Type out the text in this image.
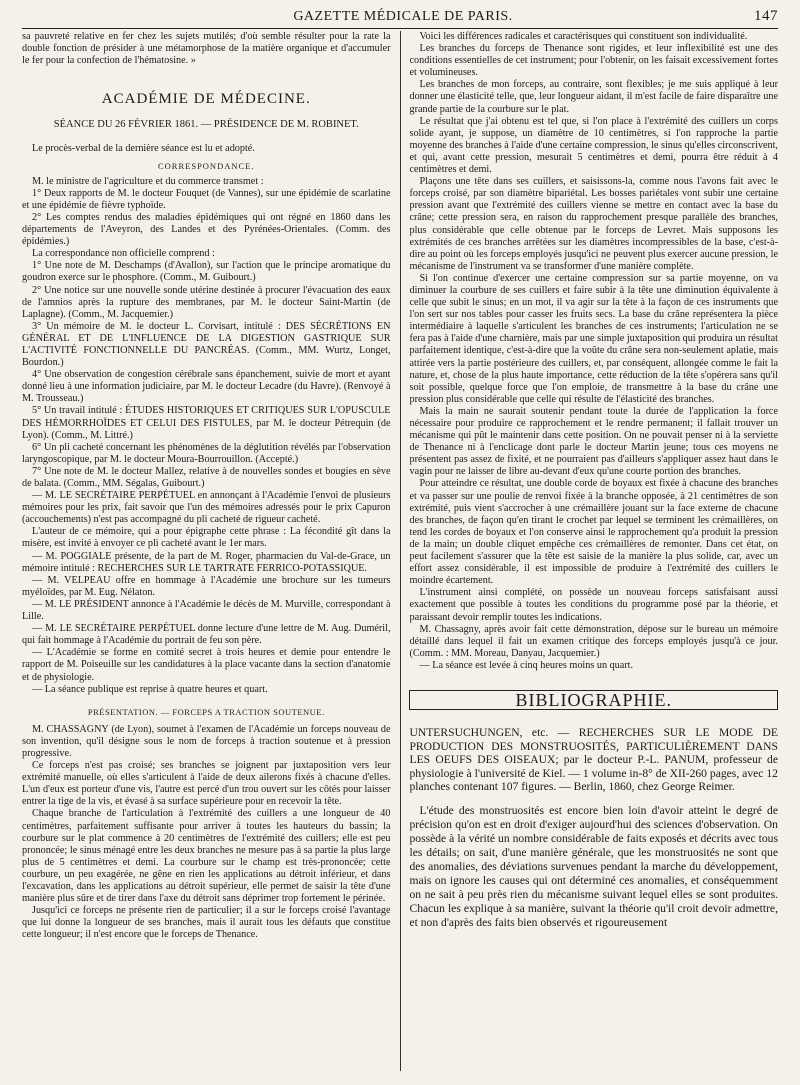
GAZETTE MÉDICALE DE PARIS.	147

sa pauvreté relative en fer chez les sujets mutilés; d'où semble résulter pour la rate la double fonction de présider à une métamorphose de la matière organique et d'accumuler le fer pour la confection de l'hématosine. »

ACADÉMIE DE MÉDECINE.
SÉANCE DU 26 FÉVRIER 1861. — PRÉSIDENCE DE M. ROBINET.

Le procès-verbal de la dernière séance est lu et adopté.

CORRESPONDANCE.

M. le ministre de l'agriculture et du commerce transmet :

1° Deux rapports de M. le docteur Fouquet (de Vannes), sur une épidémie de scarlatine et une épidémie de fièvre typhoïde.

2° Les comptes rendus des maladies épidémiques qui ont régné en 1860 dans les départements de l'Aveyron, des Landes et des Pyrénées-Orientales. (Comm. des épidémies.)

La correspondance non officielle comprend :

1° Une note de M. Deschamps (d'Avallon), sur l'action que le principe aromatique du goudron exerce sur le phosphore. (Comm., M. Guibourt.)

2° Une notice sur une nouvelle sonde utérine destinée à procurer l'évacuation des eaux de l'amnios après la rupture des membranes, par M. le docteur Saint-Martin (de Laplagne). (Comm., M. Jacquemier.)

3° Un mémoire de M. le docteur L. Corvisart, intitulé : DES SÉCRÉTIONS EN GÉNÉRAL ET DE L'INFLUENCE DE LA DIGESTION GASTRIQUE SUR L'ACTIVITÉ FONCTIONNELLE DU PANCRÉAS. (Comm., MM. Wurtz, Longet, Bourdon.)

4° Une observation de congestion cérébrale sans épanchement, suivie de mort et ayant donné lieu à une information judiciaire, par M. le docteur Lecadre (du Havre). (Renvoyé à M. Trousseau.)

5° Un travail intitulé : ÉTUDES HISTORIQUES ET CRITIQUES SUR L'OPUSCULE DES HÉMORRHOÏDES ET CELUI DES FISTULES, par M. le docteur Pétrequin (de Lyon). (Comm., M. Littré.)

6° Un pli cacheté concernant les phénomènes de la déglutition révélés par l'observation laryngoscopique, par M. le docteur Moura-Bourrouillon. (Accepté.)

7° Une note de M. le docteur Mallez, relative à de nouvelles sondes et bougies en sève de balata. (Comm., MM. Ségalas, Guibourt.)

— M. LE SECRÉTAIRE PERPÉTUEL en annonçant à l'Académie l'envoi de plusieurs mémoires pour les prix, fait savoir que l'un des mémoires adressés pour le prix Capuron (accouchements) n'est pas accompagné du pli cacheté de rigueur cacheté.

L'auteur de ce mémoire, qui a pour épigraphe cette phrase : La fécondité gît dans la misère, est invité à envoyer ce pli cacheté avant le 1er mars.

— M. POGGIALE présente, de la part de M. Roger, pharmacien du Val-de-Grace, un mémoire intitulé : RECHERCHES SUR LE TARTRATE FERRICO-POTASSIQUE.

— M. VELPEAU offre en hommage à l'Académie une brochure sur les tumeurs myéloïdes, par M. Eug. Nélaton.

— M. LE PRÉSIDENT annonce à l'Académie le décès de M. Murville, correspondant à Lille.

— M. LE SECRÉTAIRE PERPÉTUEL donne lecture d'une lettre de M. Aug. Duméril, qui fait hommage à l'Académie du portrait de feu son père.

— L'Académie se forme en comité secret à trois heures et demie pour entendre le rapport de M. Poiseuille sur les candidatures à la place vacante dans la section d'anatomie et de physiologie.

— La séance publique est reprise à quatre heures et quart.

PRÉSENTATION. — FORCEPS A TRACTION SOUTENUE.

M. CHASSAGNY (de Lyon), soumet à l'examen de l'Académie un forceps nouveau de son invention, qu'il désigne sous le nom de forceps à traction soutenue et à pression progressive.

Ce forceps n'est pas croisé; ses branches se joignent par juxtaposition vers leur extrémité manuelle, où elles s'articulent à l'aide de deux ailerons fixés à chacune d'elles. L'un d'eux est porteur d'une vis, l'autre est percé d'un trou ouvert sur les côtés pour laisser entrer la tige de la vis, et évasé à sa surface supérieure pour en recevoir la tête.

Chaque branche de l'articulation à l'extrémité des cuillers a une longueur de 40 centimètres, parfaitement suffisante pour arriver à toutes les hauteurs du bassin; la courbure sur le plat commence à 20 centimètres de l'extrémité des cuillers; elle est peu prononcée; le sinus ménagé entre les deux branches ne mesure pas à sa partie la plus large plus de 5 centimètres et demi. La courbure sur le champ est très-prononcée; cette courbure, un peu exagérée, ne gêne en rien les applications au détroit inférieur, et dans l'excavation, dans les applications au détroit supérieur, elle permet de saisir la tête d'une manière plus sûre et de tirer dans l'axe du détroit sans déprimer trop fortement le périnée.

Jusqu'ici ce forceps ne présente rien de particulier; il a sur le forceps croisé l'avantage que lui donne la longueur de ses branches, mais il aurait tous les défauts que constitue cette longueur; il n'est encore que le forceps de Thenance.

Voici les différences radicales et caractérisques qui constituent son individualité.

Les branches du forceps de Thenance sont rigides, et leur inflexibilité est une des conditions essentielles de cet instrument; pour l'obtenir, on les faisait excessivement fortes et volumineuses.

Les branches de mon forceps, au contraire, sont flexibles; je me suis appliqué à leur donner une élasticité telle, que, leur longueur aidant, il m'est facile de faire disparaître une grande partie de la courbure sur le plat.

Le résultat que j'ai obtenu est tel que, si l'on place à l'extrémité des cuillers un corps solide ayant, je suppose, un diamètre de 10 centimètres, si l'on rapproche la partie moyenne des branches à l'aide d'une certaine compression, le sinus qu'elles circonscrivent, et qui, avant cette pression, mesurait 5 centimètres et demi, pourra être réduit à 4 centimètres et demi.

Plaçons une tête dans ses cuillers, et saisissons-la, comme nous l'avons fait avec le forceps croisé, par son diamètre bipariétal. Les bosses pariétales vont subir une certaine pression avant que l'extrémité des cuillers vienne se mettre en contact avec la base du crâne; cette pression sera, en raison du rapprochement presque parallèle des branches, plus considérable que celle obtenue par le forceps de Levret. Mais supposons les extrémités de ces branches arrêtées sur les diamètres incompressibles de la base, c'est-à-dire au point où les forceps employés jusqu'ici ne peuvent plus exercer aucune pression, le mécanisme de l'instrument va se transformer d'une manière complète.

Si l'on continue d'exercer une certaine compression sur sa partie moyenne, on va diminuer la courbure de ses cuillers et faire subir à la tête une diminution équivalente à celle que subit le sinus; en un mot, il va agir sur la tête à la façon de ces instruments que l'on sert sur nos tables pour casser les fruits secs. La base du crâne représentera la pièce intermédiaire à laquelle s'articulent les branches de ces instruments; l'articulation ne se fera pas à l'aide d'une charnière, mais par une simple juxtaposition qui produira un résultat parfaitement identique, c'est-à-dire que la voûte du crâne sera non-seulement aplatie, mais attirée vers la partie postérieure des cuillers, et, par conséquent, allongée comme le fait la nature, et, chose de la plus haute importance, cette réduction de la tête s'opérera sans qu'il soit possible, quelque force que l'on emploie, de transmettre à la base du crâne une pression plus considérable que celle qui résulte de l'élasticité des branches.

Mais la main ne saurait soutenir pendant toute la durée de l'application la force nécessaire pour produire ce rapprochement et le rendre permanent; il fallait trouver un mécanisme qui pût le maintenir dans cette position. On ne pouvait penser ni à la serviette de Thenance ni à l'enclicage dont parle le docteur Martin jeune; tous ces moyens ne présentent pas assez de fixité, et ne pourraient pas d'ailleurs s'appliquer assez haut dans le vagin pour ne laisser de libre au-devant d'eux qu'une courte portion des branches.

Pour atteindre ce résultat, une double corde de boyaux est fixée à chacune des branches et va passer sur une poulie de renvoi fixée à la branche opposée, à 21 centimètres de son extrémité, puis vient s'accrocher à une crémaillère jouant sur la face externe de chacune des branches, de façon qu'en tirant le crochet par lequel se terminent les crémaillères, on tend les cordes de boyaux et l'on conserve ainsi le rapprochement qu'a produit la pression de la main; un double cliquet empêche ces crémaillères de remonter. Dans cet état, on peut facilement s'assurer que la tête est saisie de la manière la plus solide, car, avec un effort assez considérable, il est impossible de produire à l'extrémité des cuillers le moindre écartement.

L'instrument ainsi complété, on possède un nouveau forceps satisfaisant aussi exactement que possible à toutes les conditions du programme posé par la théorie, et paraissant devoir remplir toutes les indications.

M. Chassagny, après avoir fait cette démonstration, dépose sur le bureau un mémoire détaillé dans lequel il fait un examen critique des forceps employés jusqu'à ce jour. (Comm. : MM. Moreau, Danyau, Jacquemier.)

— La séance est levée à cinq heures moins un quart.

BIBLIOGRAPHIE.

UNTERSUCHUNGEN, etc. — RECHERCHES SUR LE MODE DE PRODUCTION DES MONSTRUOSITÉS, PARTICULIÈREMENT DANS LES OEUFS DES OISEAUX; par le docteur P.-L. PANUM, professeur de physiologie à l'université de Kiel. — 1 volume in-8° de XII-260 pages, avec 12 planches contenant 107 figures. — Berlin, 1860, chez George Reimer.

L'étude des monstruosités est encore bien loin d'avoir atteint le degré de précision qu'on est en droit d'exiger aujourd'hui des sciences d'observation. On possède à la vérité un nombre considérable de faits exposés et décrits avec tous les détails; on sait, d'une manière générale, que les monstruosités ne sont que des anomalies, des déviations survenues pendant la marche du développement, mais on ignore les causes qui ont déterminé ces anomalies, et conséquemment on ne sait à peu près rien du mécanisme suivant lequel elles se sont produites. Chacun les explique à sa manière, suivant la théorie qu'il croit devoir admettre, et non d'après des faits bien observés et rigoureusement
